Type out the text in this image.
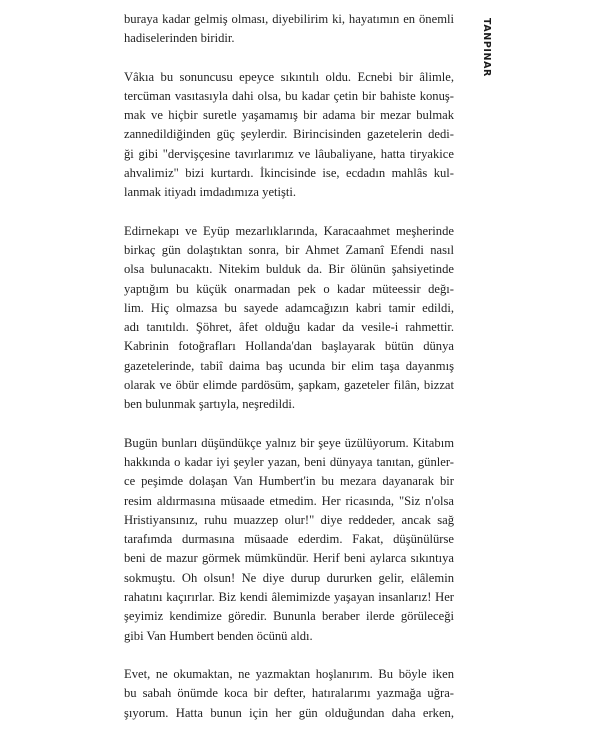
TANPINAR
buraya kadar gelmiş olması, diyebilirim ki, hayatımın en önemli
hadiselerinden biridir.
Vâkıa bu sonuncusu epeyce sıkıntılı oldu. Ecnebi bir âlimle,
tercüman vasıtasıyla dahi olsa, bu kadar çetin bir bahiste konuş-
mak ve hiçbir suretle yaşamamış bir adama bir mezar bulmak
zannedildiğinden güç şeylerdir. Birincisinden gazetelerin dedi-
ği gibi "dervişçesine tavırlarımız ve lâubaliyane, hatta tiryakice
ahvalimiz" bizi kurtardı. İkincisinde ise, ecdadın mahlâs kul-
lanmak itiyadı imdadımıza yetişti.
Edirnekapı ve Eyüp mezarlıklarında, Karacaahmet meşherinde
birkaç gün dolaştıktan sonra, bir Ahmet Zamanî Efendi nasıl
olsa bulunacaktı. Nitekim bulduk da. Bir ölünün şahsiyetinde
yaptığım bu küçük onarmadan pek o kadar müteessir değı-
lim. Hiç olmazsa bu sayede adamcağızın kabri tamir edildi,
adı tanıtıldı. Şöhret, âfet olduğu kadar da vesile-i rahmettir.
Kabrinin fotoğrafları Hollanda'dan başlayarak bütün dünya
gazetelerinde, tabiî daima baş ucunda bir elim taşa dayanmış
olarak ve öbür elimde pardösüm, şapkam, gazeteler filân, bizzat
ben bulunmak şartıyla, neşredildi.
Bugün bunları düşündükçe yalnız bir şeye üzülüyorum. Kitabım
hakkında o kadar iyi şeyler yazan, beni dünyaya tanıtan, günler-
ce peşimde dolaşan Van Humbert'in bu mezara dayanarak bir
resim aldırmasına müsaade etmedim. Her ricasında, "Siz n'olsa
Hristiyansınız, ruhu muazzep olur!" diye reddeder, ancak sağ
tarafımda durmasına müsaade ederdim. Fakat, düşünülürse
beni de mazur görmek mümkündür. Herif beni aylarca sıkıntıya
sokmuştu. Oh olsun! Ne diye durup dururken gelir, elâlemin
rahatını kaçırırlar. Biz kendi âlemimizde yaşayan insanlarız! Her
şeyimiz kendimize göredir. Bununla beraber ilerde görüleceği
gibi Van Humbert benden öcünü aldı.
Evet, ne okumaktan, ne yazmaktan hoşlanırım. Bu böyle iken
bu sabah önümde koca bir defter, hatıralarımı yazmağa uğra-
şıyorum. Hatta bunun için her gün olduğundan daha erken,
